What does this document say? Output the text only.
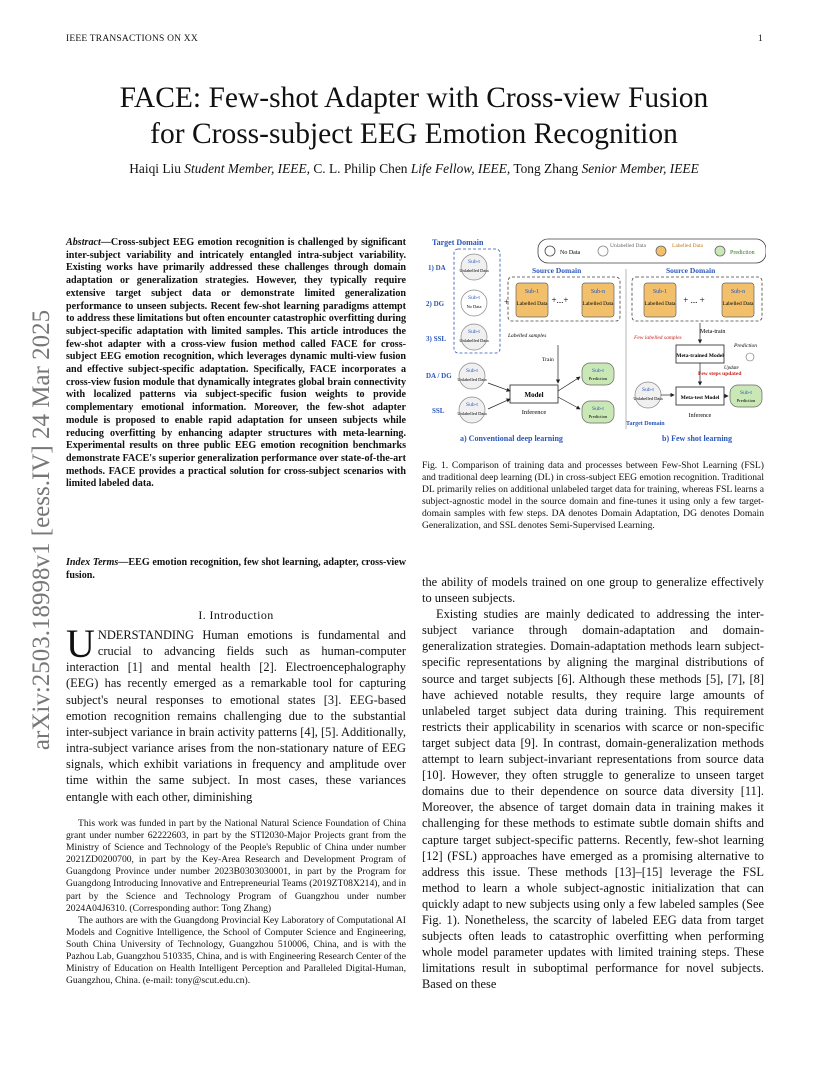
IEEE TRANSACTIONS ON XX	1
arXiv:2503.18998v1 [eess.IV] 24 Mar 2025
FACE: Few-shot Adapter with Cross-view Fusion
for Cross-subject EEG Emotion Recognition
Haiqi Liu Student Member, IEEE, C. L. Philip Chen Life Fellow, IEEE, Tong Zhang Senior Member, IEEE
Abstract—Cross-subject EEG emotion recognition is challenged by significant inter-subject variability and intricately entangled intra-subject variability. Existing works have primarily addressed these challenges through domain adaptation or generalization strategies. However, they typically require extensive target subject data or demonstrate limited generalization performance to unseen subjects. Recent few-shot learning paradigms attempt to address these limitations but often encounter catastrophic overfitting during subject-specific adaptation with limited samples. This article introduces the few-shot adapter with a cross-view fusion method called FACE for cross-subject EEG emotion recognition, which leverages dynamic multi-view fusion and effective subject-specific adaptation. Specifically, FACE incorporates a cross-view fusion module that dynamically integrates global brain connectivity with localized patterns via subject-specific fusion weights to provide complementary emotional information. Moreover, the few-shot adapter module is proposed to enable rapid adaptation for unseen subjects while reducing overfitting by enhancing adapter structures with meta-learning. Experimental results on three public EEG emotion recognition benchmarks demonstrate FACE's superior generalization performance over state-of-the-art methods. FACE provides a practical solution for cross-subject scenarios with limited labeled data.
Index Terms—EEG emotion recognition, few shot learning, adapter, cross-view fusion.
I. Introduction
UNDERSTANDING Human emotions is fundamental and crucial to advancing fields such as human-computer interaction [1] and mental health [2]. Electroencephalography (EEG) has recently emerged as a remarkable tool for capturing subject's neural responses to emotional states [3]. EEG-based emotion recognition remains challenging due to the substantial inter-subject variance in brain activity patterns [4], [5]. Additionally, intra-subject variance arises from the non-stationary nature of EEG signals, which exhibit variations in frequency and amplitude over time within the same subject. In most cases, these variances entangle with each other, diminishing

This work was funded in part by the National Natural Science Foundation of China grant under number 62222603, in part by the STI2030-Major Projects grant from the Ministry of Science and Technology of the People's Republic of China under number 2021ZD0200700, in part by the Key-Area Research and Development Program of Guangdong Province under number 2023B0303030001, in part by the Program for Guangdong Introducing Innovative and Entrepreneurial Teams (2019ZT08X214), and in part by the Science and Technology Program of Guangzhou under number 2024A04J6310. (Corresponding author: Tong Zhang)

The authors are with the Guangdong Provincial Key Laboratory of Computational AI Models and Cognitive Intelligence, the School of Computer Science and Engineering, South China University of Technology, Guangzhou 510006, China, and is with the Pazhou Lab, Guangzhou 510335, China, and is with Engineering Research Center of the Ministry of Education on Health Intelligent Perception and Paralleled Digital-Human, Guangzhou, China. (e-mail: tony@scut.edu.cn).

No Data
Unlabelled Data	Labelled Data
Prediction
Target Domain
1) DA
2) DG
3) SSL
Sub-t
Unlabelled Data
Sub-t
No Data
Sub-t
Unlabelled Data
Source Domain
Sub-1
Labelled Data +...+
Sub-n
Labelled Data
+
Labelled samples
Train
DA / DG
SSL
Sub-t
Unlabelled Data
Sub-t
Unlabelled Data
Model
Inference
Sub-t
Prediction
Sub-t
Prediction
a) Conventional deep learning
Source Domain
Sub-1
Labelled Data + ... +
Sub-n
Labelled Data
Meta-train
Few labelled samples
Meta-trained Model
Prediction
Update
Few steps updated
Sub-t
Unlabelled Data	Meta-test Model
Inference
Target Domain
Sub-t
Prediction
b) Few shot learning
Fig. 1. Comparison of training data and processes between Few-Shot Learning (FSL) and traditional deep learning (DL) in cross-subject EEG emotion recognition. Traditional DL primarily relies on additional unlabeled target data for training, whereas FSL learns a subject-agnostic model in the source domain and fine-tunes it using only a few target-domain samples with few steps. DA denotes Domain Adaptation, DG denotes Domain Generalization, and SSL denotes Semi-Supervised Learning.

the ability of models trained on one group to generalize effectively to unseen subjects.

Existing studies are mainly dedicated to addressing the inter-subject variance through domain-adaptation and domain-generalization strategies. Domain-adaptation methods learn subject-specific representations by aligning the marginal distributions of source and target subjects [6]. Although these methods [5], [7], [8] have achieved notable results, they require large amounts of unlabeled target subject data during training. This requirement restricts their applicability in scenarios with scarce or non-specific target subject data [9]. In contrast, domain-generalization methods attempt to learn subject-invariant representations from source data [10]. However, they often struggle to generalize to unseen target domains due to their dependence on source data diversity [11]. Moreover, the absence of target domain data in training makes it challenging for these methods to estimate subtle domain shifts and capture target subject-specific patterns. Recently, few-shot learning [12] (FSL) approaches have emerged as a promising alternative to address this issue. These methods [13]–[15] leverage the FSL method to learn a whole subject-agnostic initialization that can quickly adapt to new subjects using only a few labeled samples (See Fig. 1). Nonetheless, the scarcity of labeled EEG data from target subjects often leads to catastrophic overfitting when performing whole model parameter updates with limited training steps. These limitations result in suboptimal performance for novel subjects. Based on these
